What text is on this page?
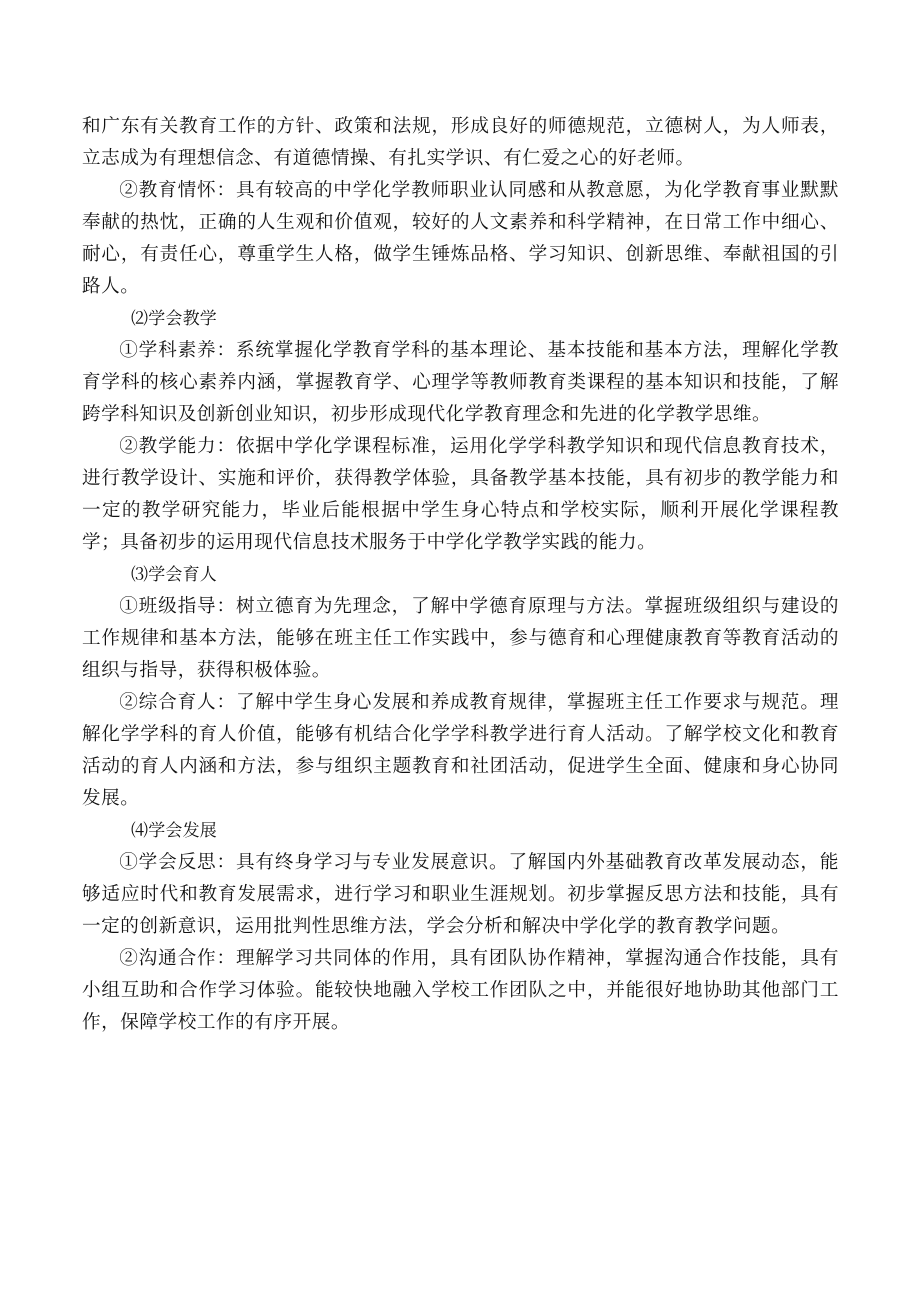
和广东有关教育工作的方针、政策和法规，形成良好的师德规范，立德树人，为人师表，立志成为有理想信念、有道德情操、有扎实学识、有仁爱之心的好老师。

②教育情怀：具有较高的中学化学教师职业认同感和从教意愿，为化学教育事业默默奉献的热忱，正确的人生观和价值观，较好的人文素养和科学精神，在日常工作中细心、耐心，有责任心，尊重学生人格，做学生锤炼品格、学习知识、创新思维、奉献祖国的引路人。

⑵学会教学

①学科素养：系统掌握化学教育学科的基本理论、基本技能和基本方法，理解化学教育学科的核心素养内涵，掌握教育学、心理学等教师教育类课程的基本知识和技能，了解跨学科知识及创新创业知识，初步形成现代化学教育理念和先进的化学教学思维。

②教学能力：依据中学化学课程标准，运用化学学科教学知识和现代信息教育技术，进行教学设计、实施和评价，获得教学体验，具备教学基本技能，具有初步的教学能力和一定的教学研究能力，毕业后能根据中学生身心特点和学校实际，顺利开展化学课程教学；具备初步的运用现代信息技术服务于中学化学教学实践的能力。

⑶学会育人

①班级指导：树立德育为先理念，了解中学德育原理与方法。掌握班级组织与建设的工作规律和基本方法，能够在班主任工作实践中，参与德育和心理健康教育等教育活动的组织与指导，获得积极体验。

②综合育人：了解中学生身心发展和养成教育规律，掌握班主任工作要求与规范。理解化学学科的育人价值，能够有机结合化学学科教学进行育人活动。了解学校文化和教育活动的育人内涵和方法，参与组织主题教育和社团活动，促进学生全面、健康和身心协同发展。

⑷学会发展

①学会反思：具有终身学习与专业发展意识。了解国内外基础教育改革发展动态，能够适应时代和教育发展需求，进行学习和职业生涯规划。初步掌握反思方法和技能，具有一定的创新意识，运用批判性思维方法，学会分析和解决中学化学的教育教学问题。

②沟通合作：理解学习共同体的作用，具有团队协作精神，掌握沟通合作技能，具有小组互助和合作学习体验。能较快地融入学校工作团队之中，并能很好地协助其他部门工作，保障学校工作的有序开展。
